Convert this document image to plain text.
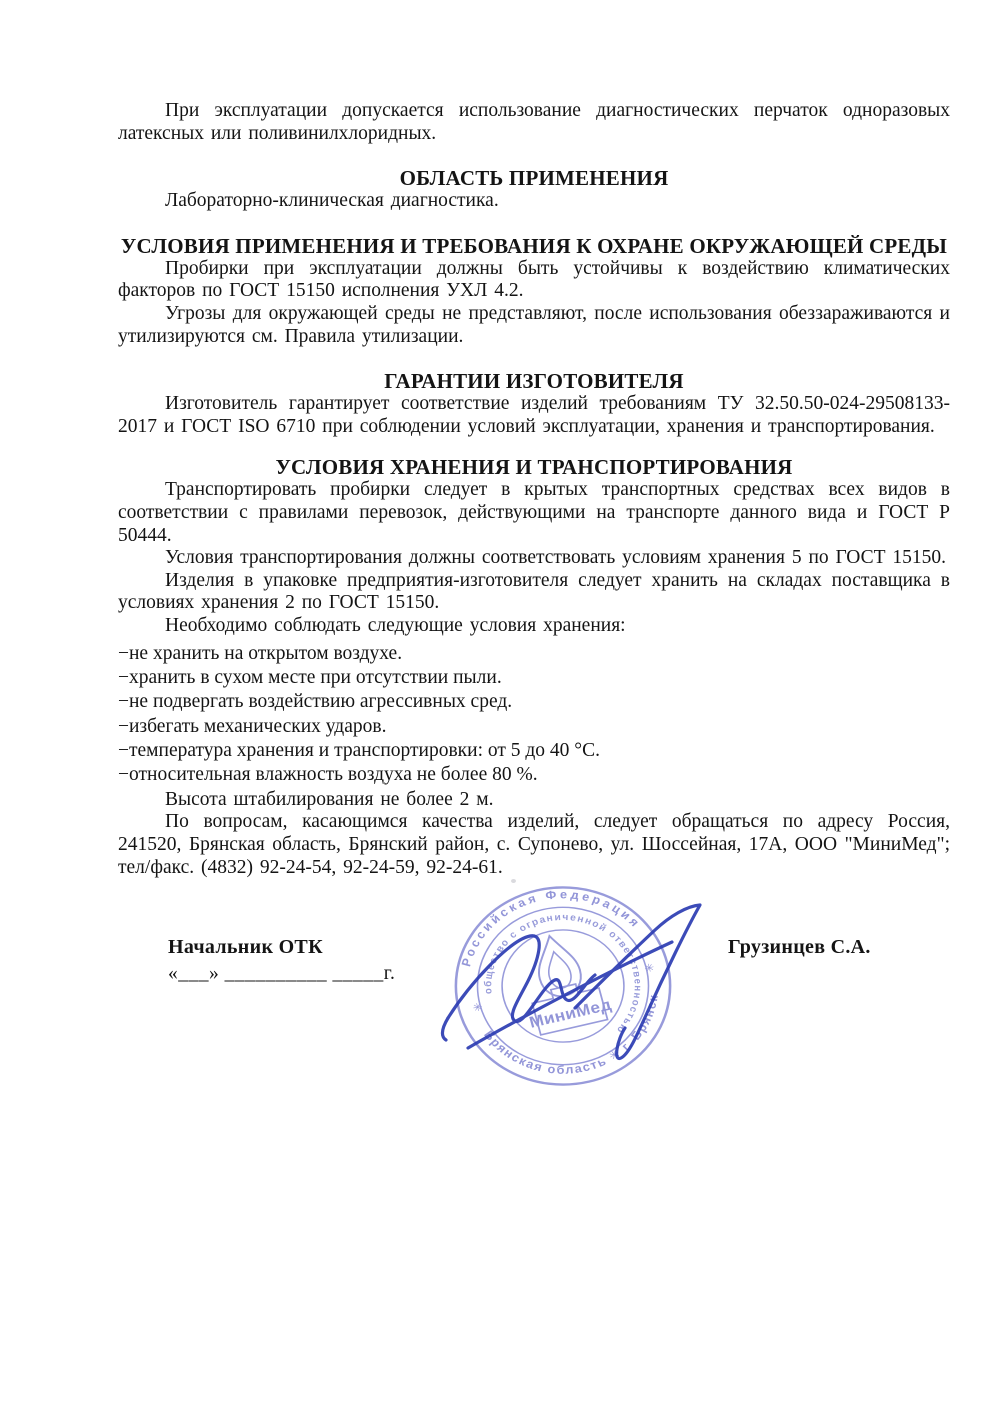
При эксплуатации допускается использование диагностических перчаток одноразовых латексных или поливинилхлоридных.

ОБЛАСТЬ ПРИМЕНЕНИЯ

Лабораторно-клиническая диагностика.

УСЛОВИЯ ПРИМЕНЕНИЯ И ТРЕБОВАНИЯ К ОХРАНЕ ОКРУЖАЮЩЕЙ СРЕДЫ

Пробирки при эксплуатации должны быть устойчивы к воздействию климатических факторов по ГОСТ 15150 исполнения УХЛ 4.2.

Угрозы для окружающей среды не представляют, после использования обеззараживаются и утилизируются см. Правила утилизации.

ГАРАНТИИ ИЗГОТОВИТЕЛЯ

Изготовитель гарантирует соответствие изделий требованиям ТУ 32.50.50-024-29508133-2017 и ГОСТ ISO 6710 при соблюдении условий эксплуатации, хранения и транспортирования.

УСЛОВИЯ ХРАНЕНИЯ И ТРАНСПОРТИРОВАНИЯ

Транспортировать пробирки следует в крытых транспортных средствах всех видов в соответствии с правилами перевозок, действующими на транспорте данного вида и ГОСТ Р 50444.

Условия транспортирования должны соответствовать условиям хранения 5 по ГОСТ 15150.

Изделия в упаковке предприятия-изготовителя следует хранить на складах поставщика в условиях хранения 2 по ГОСТ 15150.

Необходимо соблюдать следующие условия хранения:

−не хранить на открытом воздухе.

−хранить в сухом месте при отсутствии пыли.

−не подвергать воздействию агрессивных сред.

−избегать механических ударов.

−температура хранения и транспортировки: от 5 до 40 °С.

−относительная влажность воздуха не более 80 %.

Высота штабилирования не более 2 м.

По вопросам, касающимся качества изделий, следует обращаться по адресу Россия, 241520, Брянская область, Брянский район, с. Супонево, ул. Шоссейная, 17А, ООО "МиниМед"; тел/факс. (4832) 92-24-54, 92-24-59, 92-24-61.

Начальник ОТК
«___» __________ _____г.
Грузинцев С.А.
Российская Федерация
Брянская область ✳ г. Брянск
общество с ограниченной ответственностью
✳
✳
МиниМед
